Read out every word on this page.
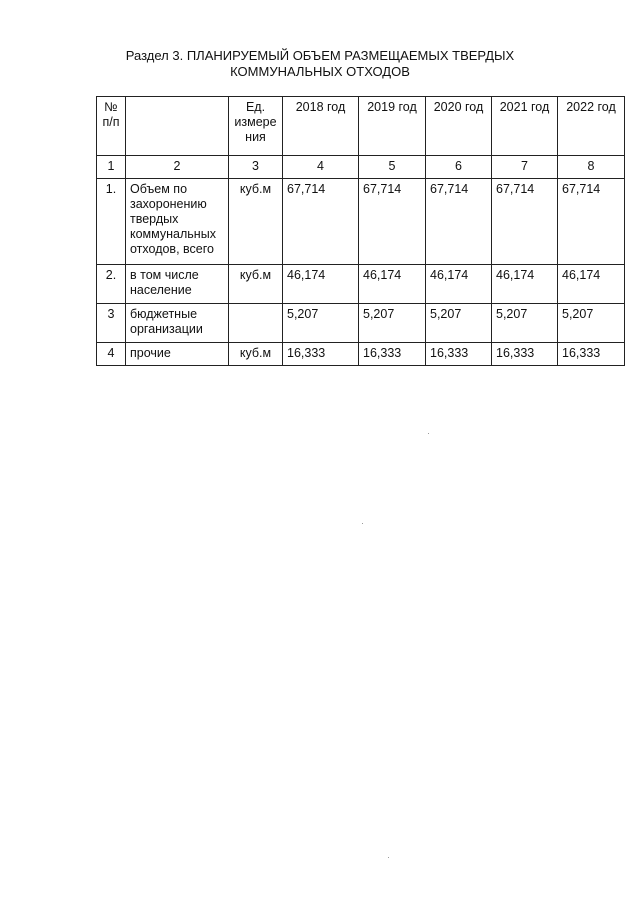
Раздел 3. ПЛАНИРУЕМЫЙ ОБЪЕМ РАЗМЕЩАЕМЫХ ТВЕРДЫХ
КОММУНАЛЬНЫХ ОТХОДОВ
№ п/п		Ед. измере ния	2018 год	2019 год	2020 год	2021 год	2022 год
1	2	3	4	5	6	7	8
1.	Объем по захоронению твердых коммунальных отходов, всего	куб.м	67,714	67,714	67,714	67,714	67,714
2.	в том числе население	куб.м	46,174	46,174	46,174	46,174	46,174
3	бюджетные организации		5,207	5,207	5,207	5,207	5,207
4	прочие	куб.м	16,333	16,333	16,333	16,333	16,333
